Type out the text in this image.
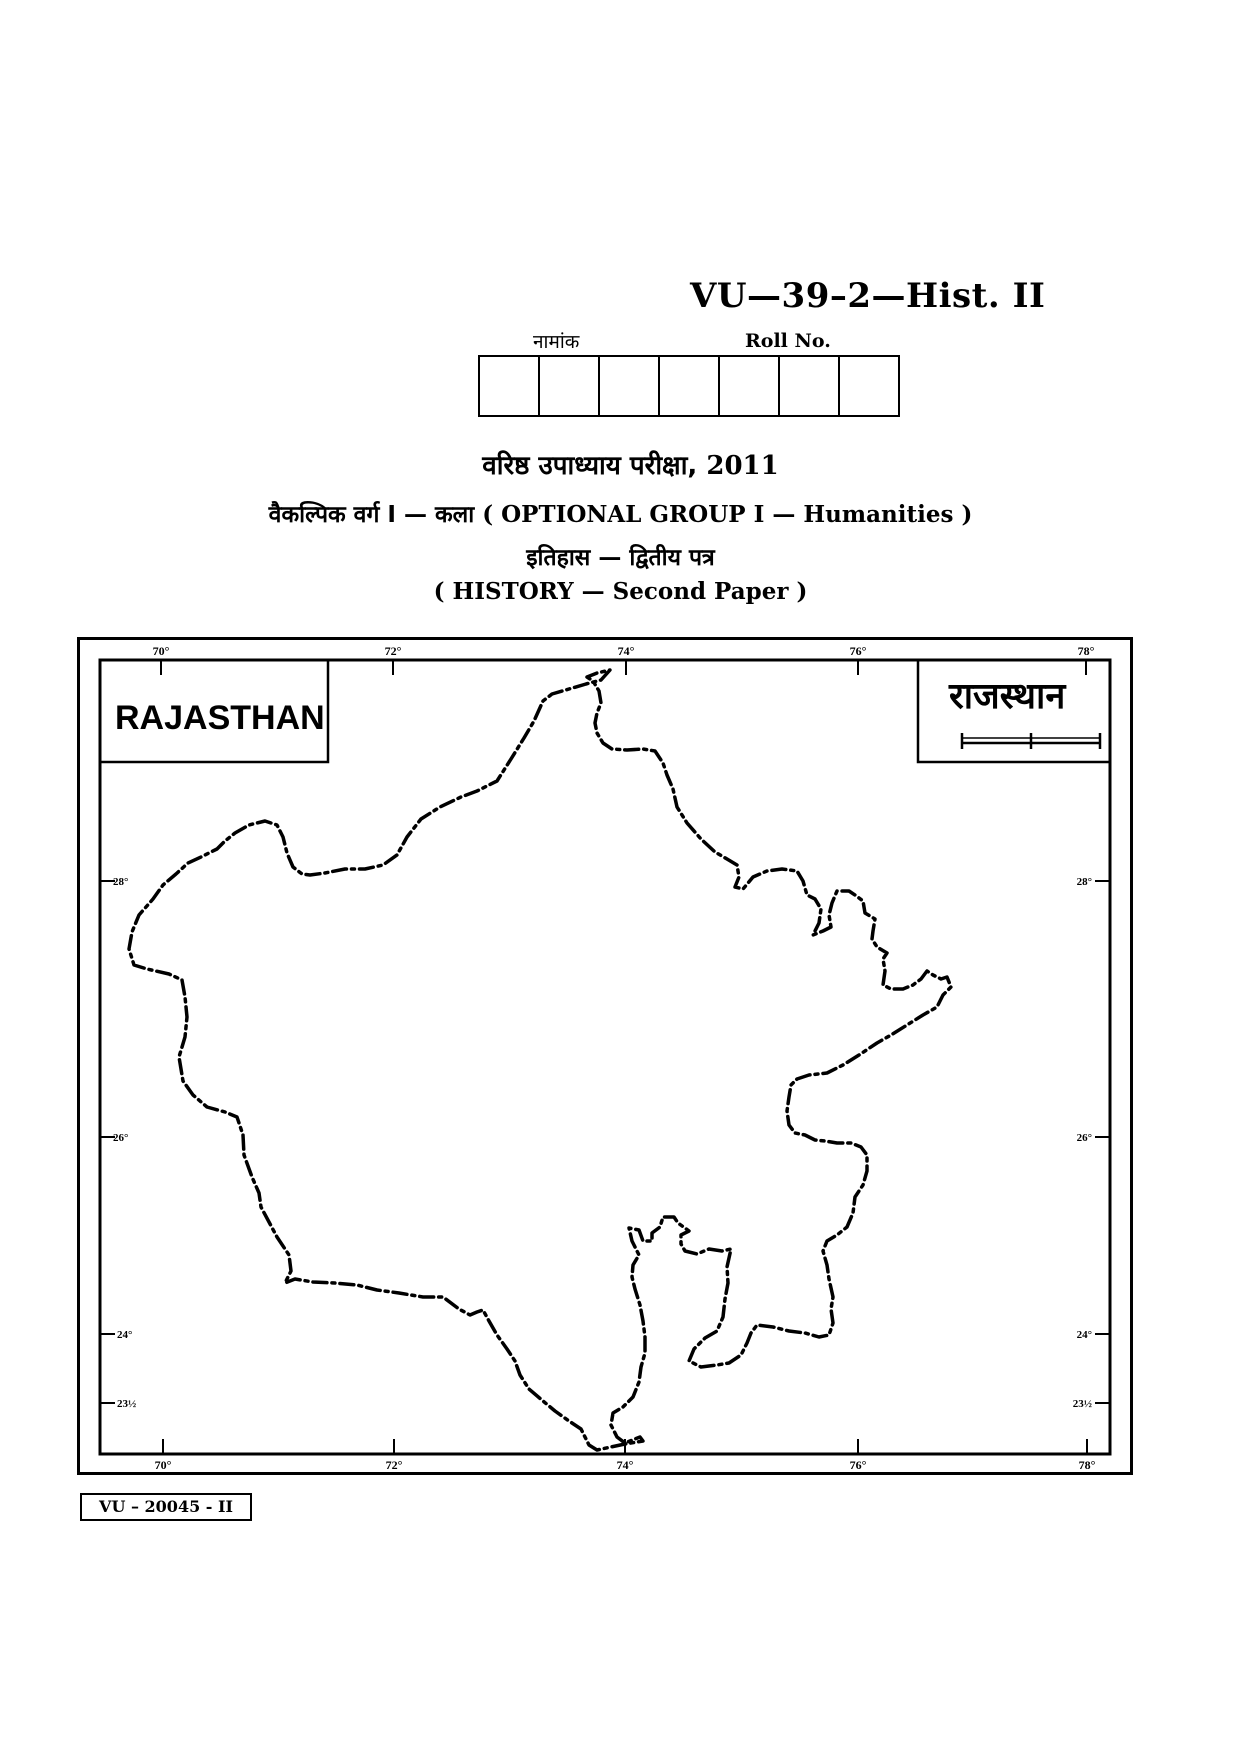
VU—39–2—Hist. II
नामांक	Roll No.
वरिष्ठ उपाध्याय परीक्षा, 2011
वैकल्पिक वर्ग I — कला ( OPTIONAL GROUP I — Humanities )
इतिहास — द्वितीय पत्र
( HISTORY — Second Paper )
RAJASTHAN
राजस्थान
70°	72°	74°	76°	78°
70°	72°	74°	76°	78°
28°
26°
24°
23½
28°
26°
24°
23½
VU – 20045 - II
